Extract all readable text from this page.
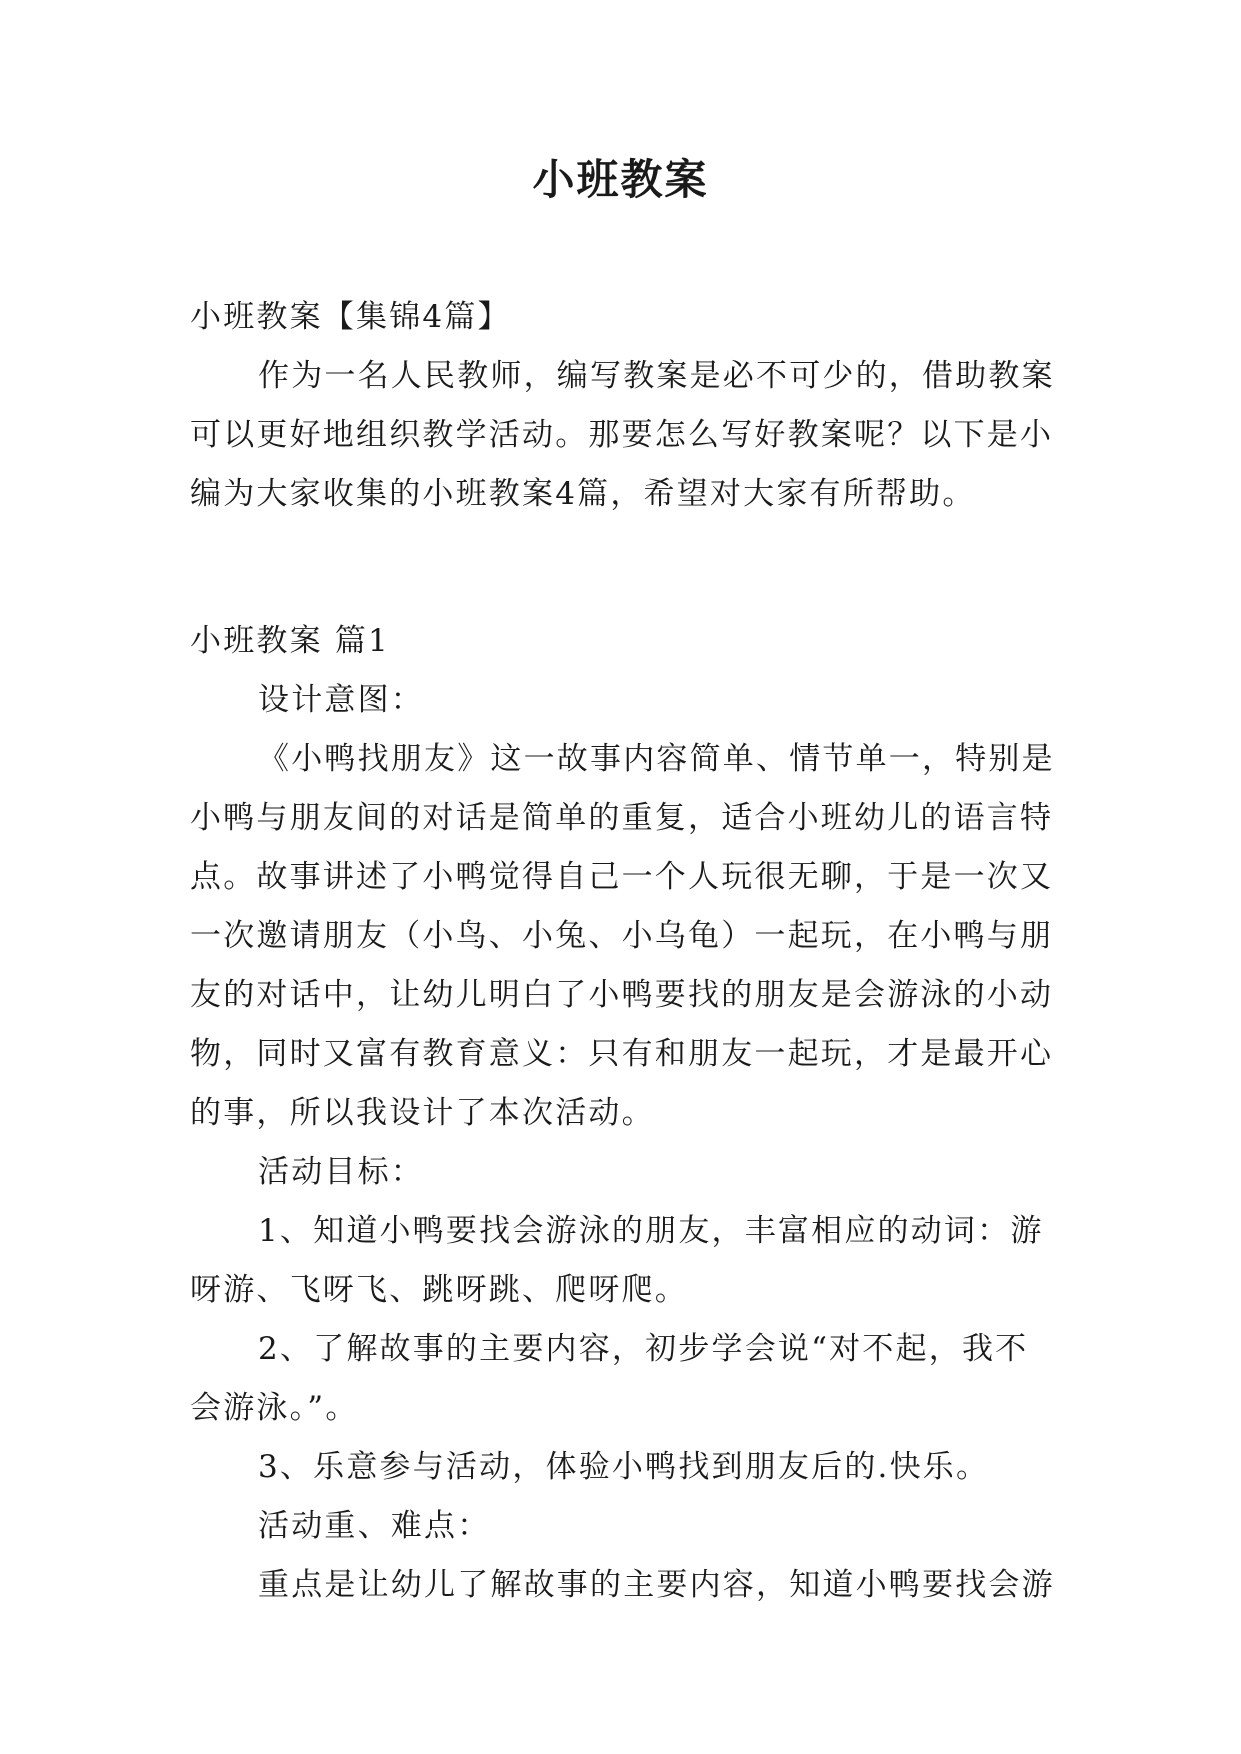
小班教案
小班教案【集锦4篇】
作为一名人民教师，编写教案是必不可少的，借助教案
可以更好地组织教学活动。那要怎么写好教案呢？以下是小
编为大家收集的小班教案4篇，希望对大家有所帮助。
小班教案 篇1
设计意图：
《小鸭找朋友》这一故事内容简单、情节单一，特别是
小鸭与朋友间的对话是简单的重复，适合小班幼儿的语言特
点。故事讲述了小鸭觉得自己一个人玩很无聊，于是一次又
一次邀请朋友（小鸟、小兔、小乌龟）一起玩，在小鸭与朋
友的对话中，让幼儿明白了小鸭要找的朋友是会游泳的小动
物，同时又富有教育意义：只有和朋友一起玩，才是最开心
的事，所以我设计了本次活动。
活动目标：
1、知道小鸭要找会游泳的朋友，丰富相应的动词：游
呀游、飞呀飞、跳呀跳、爬呀爬。
2、了解故事的主要内容，初步学会说“对不起，我不
会游泳。”。
3、乐意参与活动，体验小鸭找到朋友后的.快乐。
活动重、难点：
重点是让幼儿了解故事的主要内容，知道小鸭要找会游
